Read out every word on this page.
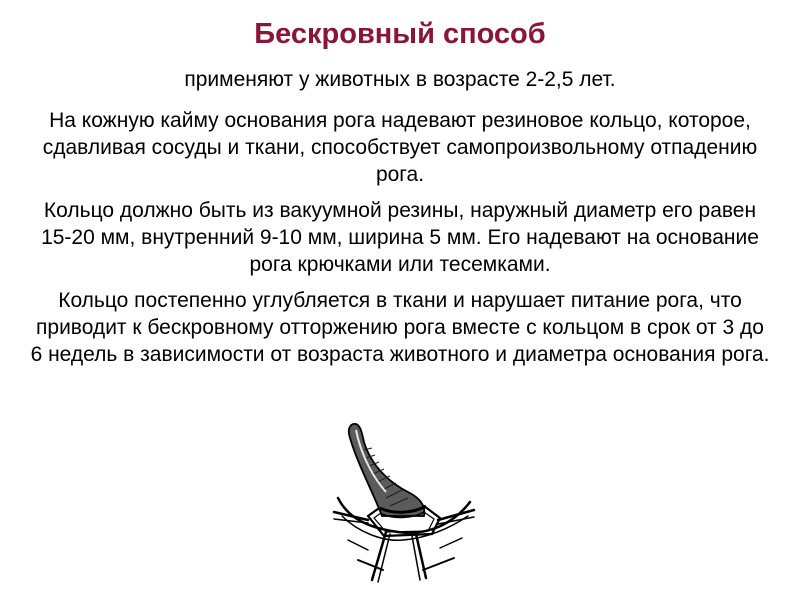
Бескровный способ

применяют у животных в возрасте 2-2,5 лет.

На кожную кайму основания рога надевают резиновое кольцо, которое, сдавливая сосуды и ткани, способствует самопроизвольному отпадению рога.

Кольцо должно быть из вакуумной резины, наружный диаметр его равен 15-20 мм, внутренний 9-10 мм, ширина 5 мм. Его надевают на основание рога крючками или тесемками.

Кольцо постепенно углубляется в ткани и нарушает питание рога, что приводит к бескровному отторжению рога вместе с кольцом в срок от 3 до 6 недель в зависимости от возраста животного и диаметра основания рога.
